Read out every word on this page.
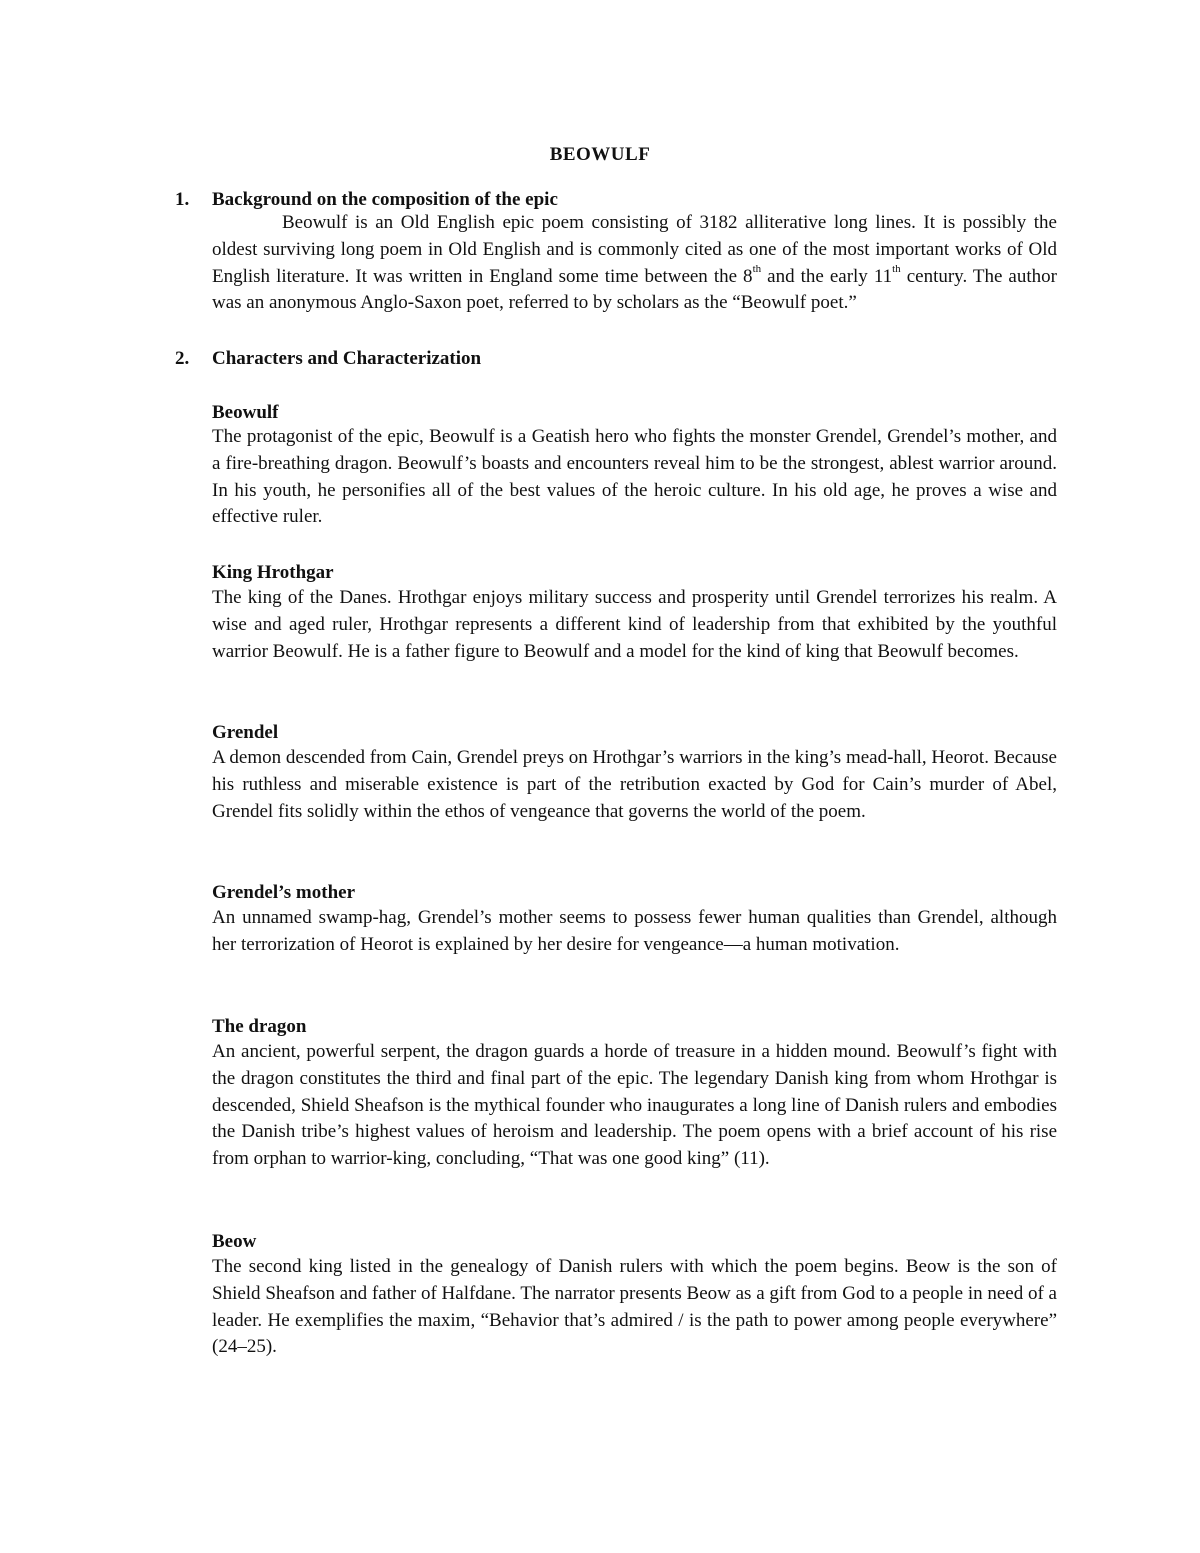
BEOWULF
1. Background on the composition of the epic

Beowulf is an Old English epic poem consisting of 3182 alliterative long lines. It is possibly the oldest surviving long poem in Old English and is commonly cited as one of the most important works of Old English literature. It was written in England some time between the 8th and the early 11th century. The author was an anonymous Anglo-Saxon poet, referred to by scholars as the “Beowulf poet.”

2. Characters and Characterization
Beowulf

The protagonist of the epic, Beowulf is a Geatish hero who fights the monster Grendel, Grendel’s mother, and a fire-breathing dragon. Beowulf’s boasts and encounters reveal him to be the strongest, ablest warrior around. In his youth, he personifies all of the best values of the heroic culture. In his old age, he proves a wise and effective ruler.

King Hrothgar

The king of the Danes. Hrothgar enjoys military success and prosperity until Grendel terrorizes his realm. A wise and aged ruler, Hrothgar represents a different kind of leadership from that exhibited by the youthful warrior Beowulf. He is a father figure to Beowulf and a model for the kind of king that Beowulf becomes.

Grendel

A demon descended from Cain, Grendel preys on Hrothgar’s warriors in the king’s mead-hall, Heorot. Because his ruthless and miserable existence is part of the retribution exacted by God for Cain’s murder of Abel, Grendel fits solidly within the ethos of vengeance that governs the world of the poem.

Grendel’s mother

An unnamed swamp-hag, Grendel’s mother seems to possess fewer human qualities than Grendel, although her terrorization of Heorot is explained by her desire for vengeance—a human motivation.

The dragon

An ancient, powerful serpent, the dragon guards a horde of treasure in a hidden mound. Beowulf’s fight with the dragon constitutes the third and final part of the epic. The legendary Danish king from whom Hrothgar is descended, Shield Sheafson is the mythical founder who inaugurates a long line of Danish rulers and embodies the Danish tribe’s highest values of heroism and leadership. The poem opens with a brief account of his rise from orphan to warrior-king, concluding, “That was one good king” (11).

Beow

The second king listed in the genealogy of Danish rulers with which the poem begins. Beow is the son of Shield Sheafson and father of Halfdane. The narrator presents Beow as a gift from God to a people in need of a leader. He exemplifies the maxim, “Behavior that’s admired / is the path to power among people everywhere” (24–25).
